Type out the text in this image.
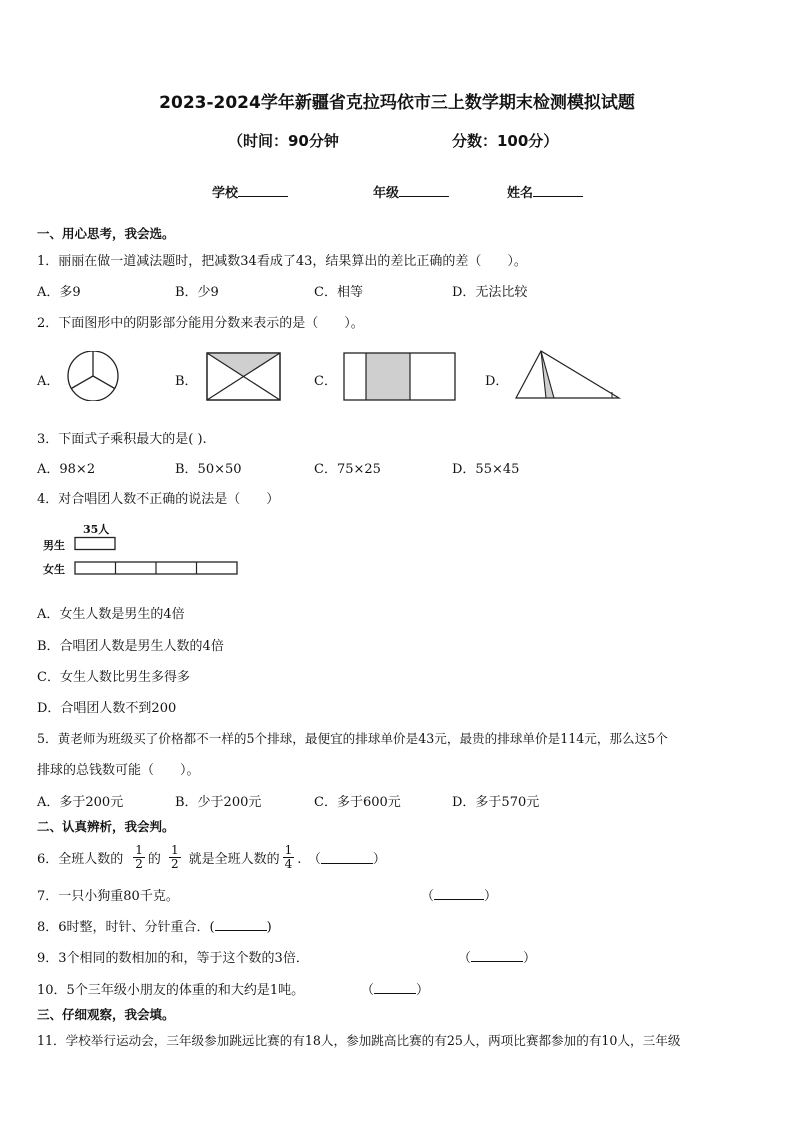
2023-2024学年新疆省克拉玛依市三上数学期末检测模拟试题
（时间：90分钟	分数：100分）
学校	年级	姓名
一、用心思考，我会选。
1．丽丽在做一道减法题时，把减数34看成了43，结果算出的差比正确的差（　　）。
A．多9	B．少9	C．相等	D．无法比较
2．下面图形中的阴影部分能用分数来表示的是（　　）。
A．	B．	C．	D．
3．下面式子乘积最大的是( ).
A．98×2	B．50×50	C．75×25	D．55×45
4．对合唱团人数不正确的说法是（　　）
35人
男生
女生
A．女生人数是男生的4倍
B．合唱团人数是男生人数的4倍
C．女生人数比男生多得多
D．合唱团人数不到200
5．黄老师为班级买了价格都不一样的5个排球，最便宜的排球单价是43元，最贵的排球单价是114元，那么这5个
排球的总钱数可能（　　）。
A．多于200元	B．少于200元	C．多于600元	D．多于570元
二、认真辨析，我会判。
6．全班人数的 $\frac{1}{2}$ 的 $\frac{1}{2}$ 就是全班人数的 $\frac{1}{4}$ .　（	）
7．一只小狗重80千克。	（	）
8．6时整，时针、分针重合．(	)
9．3个相同的数相加的和，等于这个数的3倍．	（	）
10．5个三年级小朋友的体重的和大约是1吨。	（	）
三、仔细观察，我会填。
11．学校举行运动会，三年级参加跳远比赛的有18人，参加跳高比赛的有25人，两项比赛都参加的有10人，三年级
